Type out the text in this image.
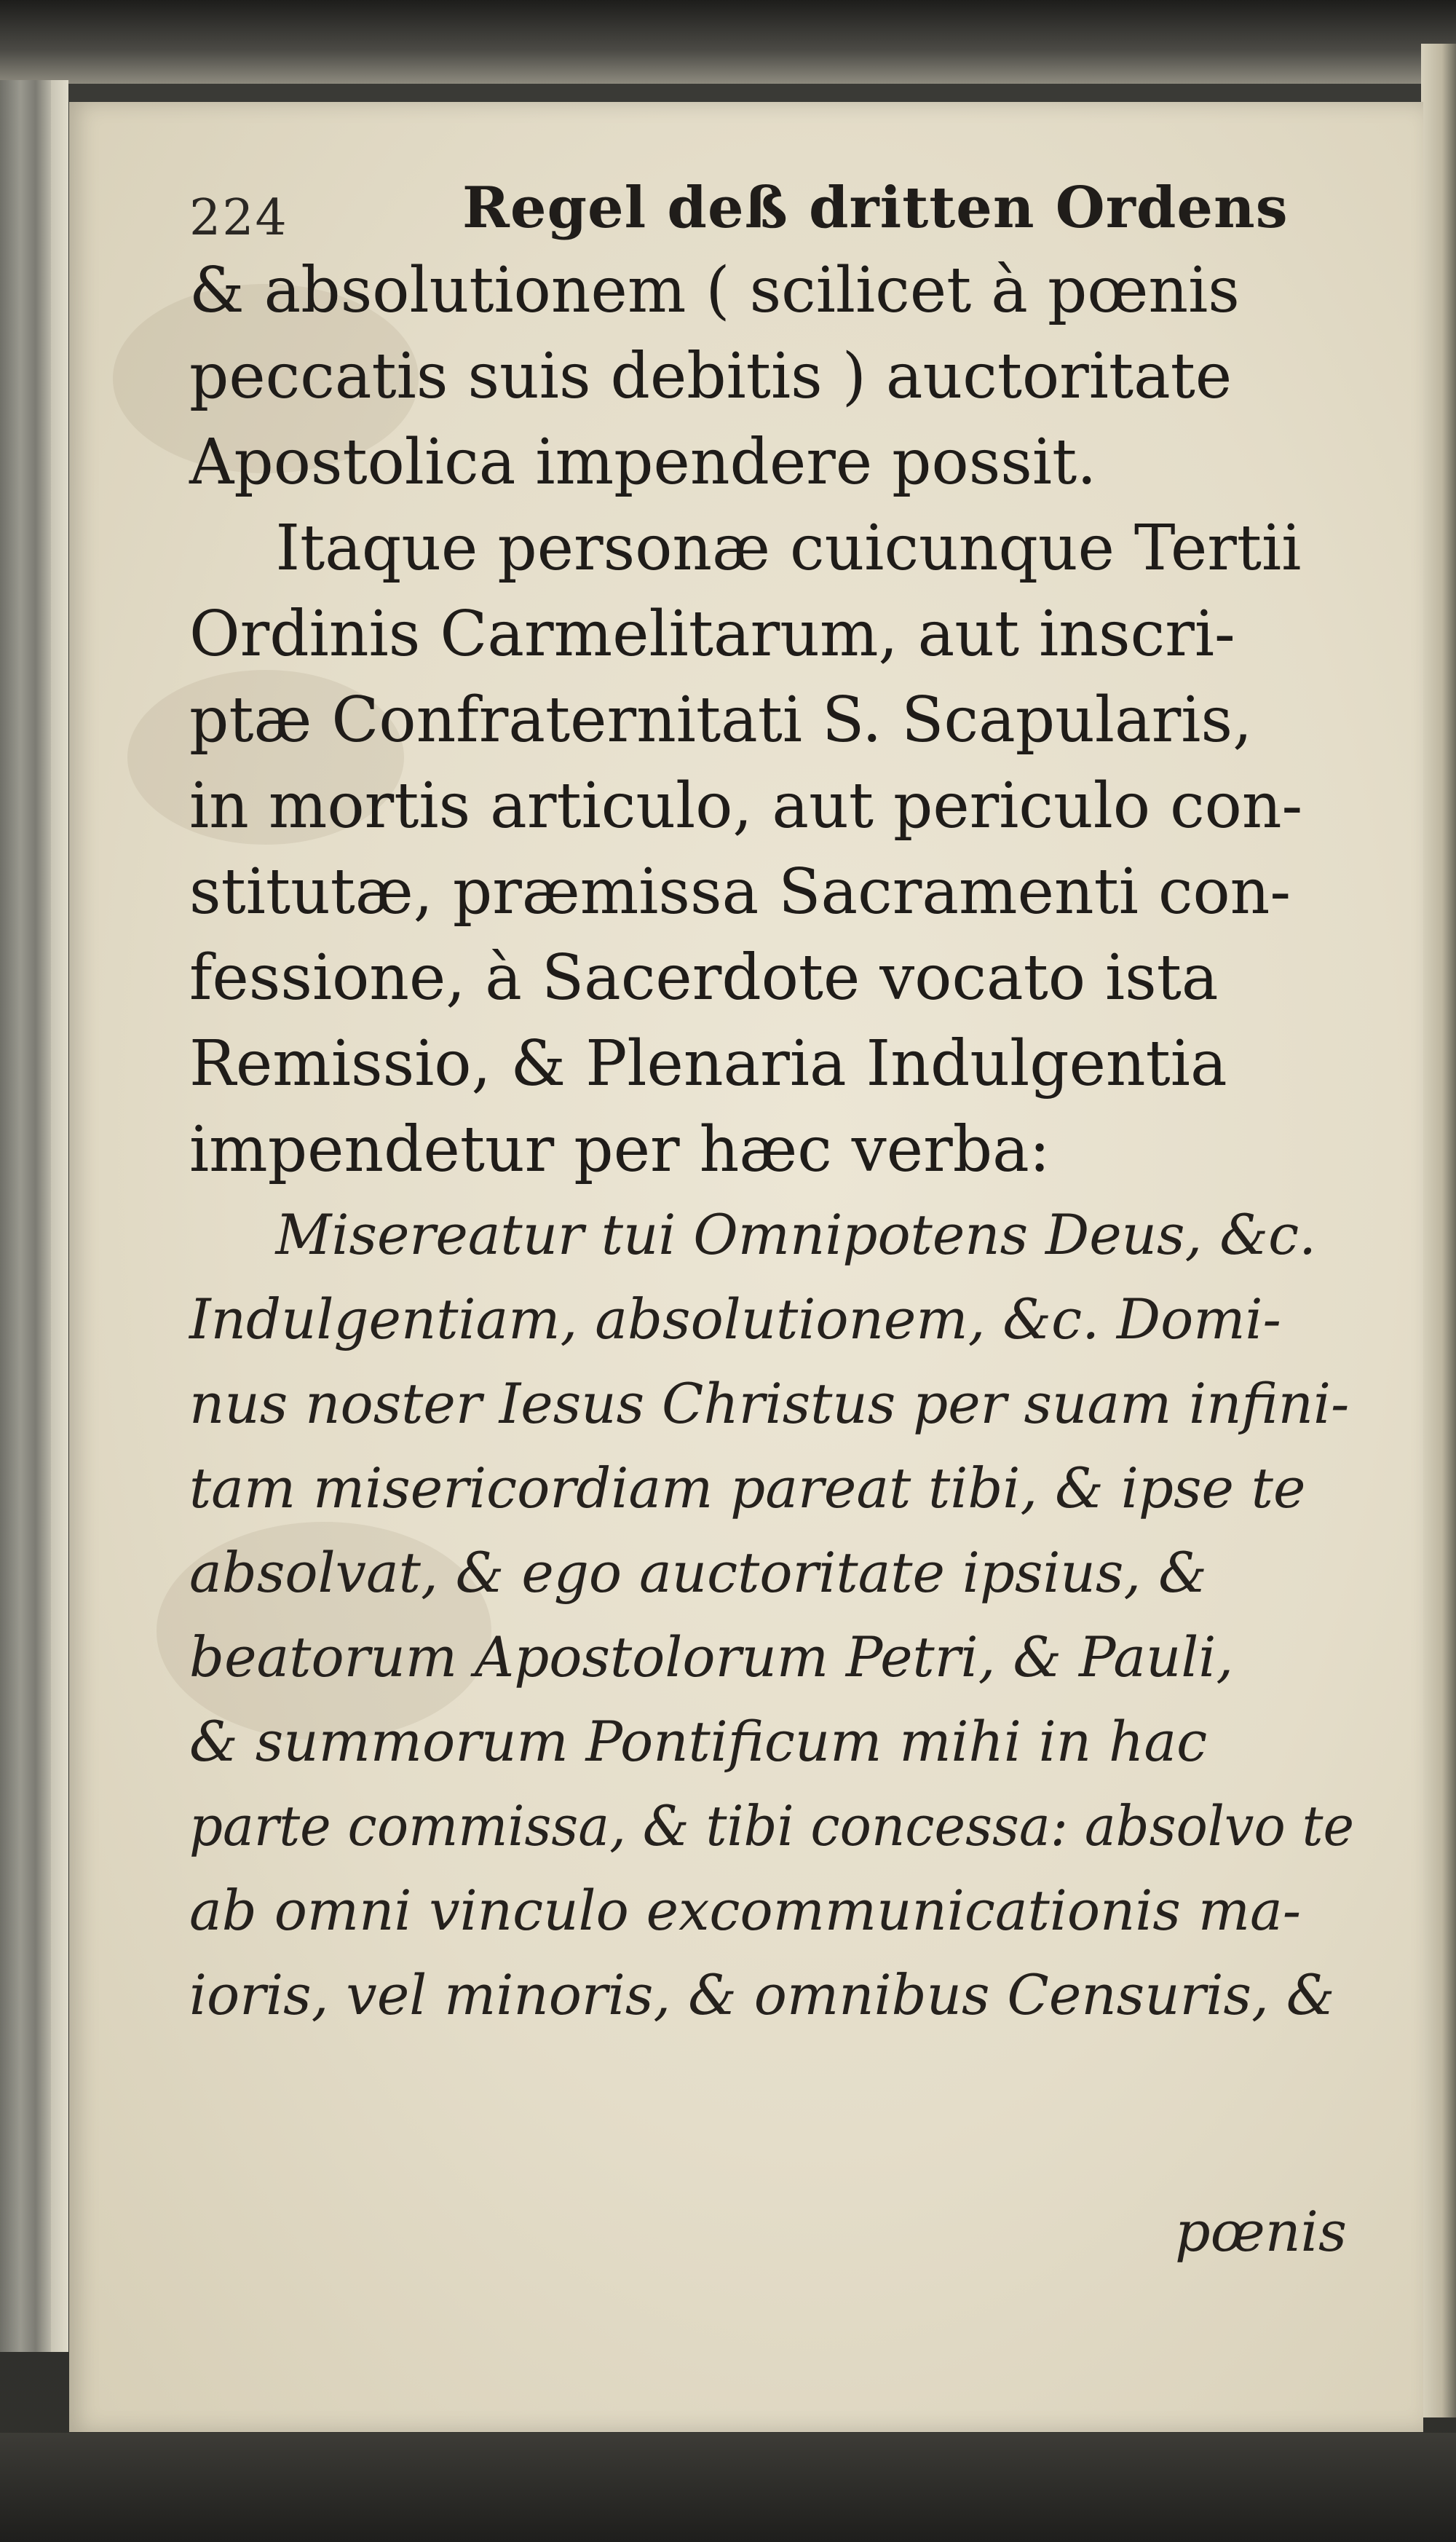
224	Regel deß dritten Ordens
& absolutionem ( scilicet à pœnis
peccatis suis debitis ) auctoritate
Apostolica impendere possit.
Itaque personæ cuicunque Tertii
Ordinis Carmelitarum, aut inscri-
ptæ Confraternitati S. Scapularis,
in mortis articulo, aut periculo con-
stitutæ, præmissa Sacramenti con-
fessione, à Sacerdote vocato ista
Remissio, & Plenaria Indulgentia
impendetur per hæc verba:
Misereatur tui Omnipotens Deus, &c.
Indulgentiam, absolutionem, &c. Domi-
nus noster Iesus Christus per suam infini-
tam misericordiam pareat tibi, & ipse te
absolvat, & ego auctoritate ipsius, &
beatorum Apostolorum Petri, & Pauli,
& summorum Pontificum mihi in hac
parte commissa, & tibi concessa: absolvo te
ab omni vinculo excommunicationis ma-
ioris, vel minoris, & omnibus Censuris, &
pœnis
